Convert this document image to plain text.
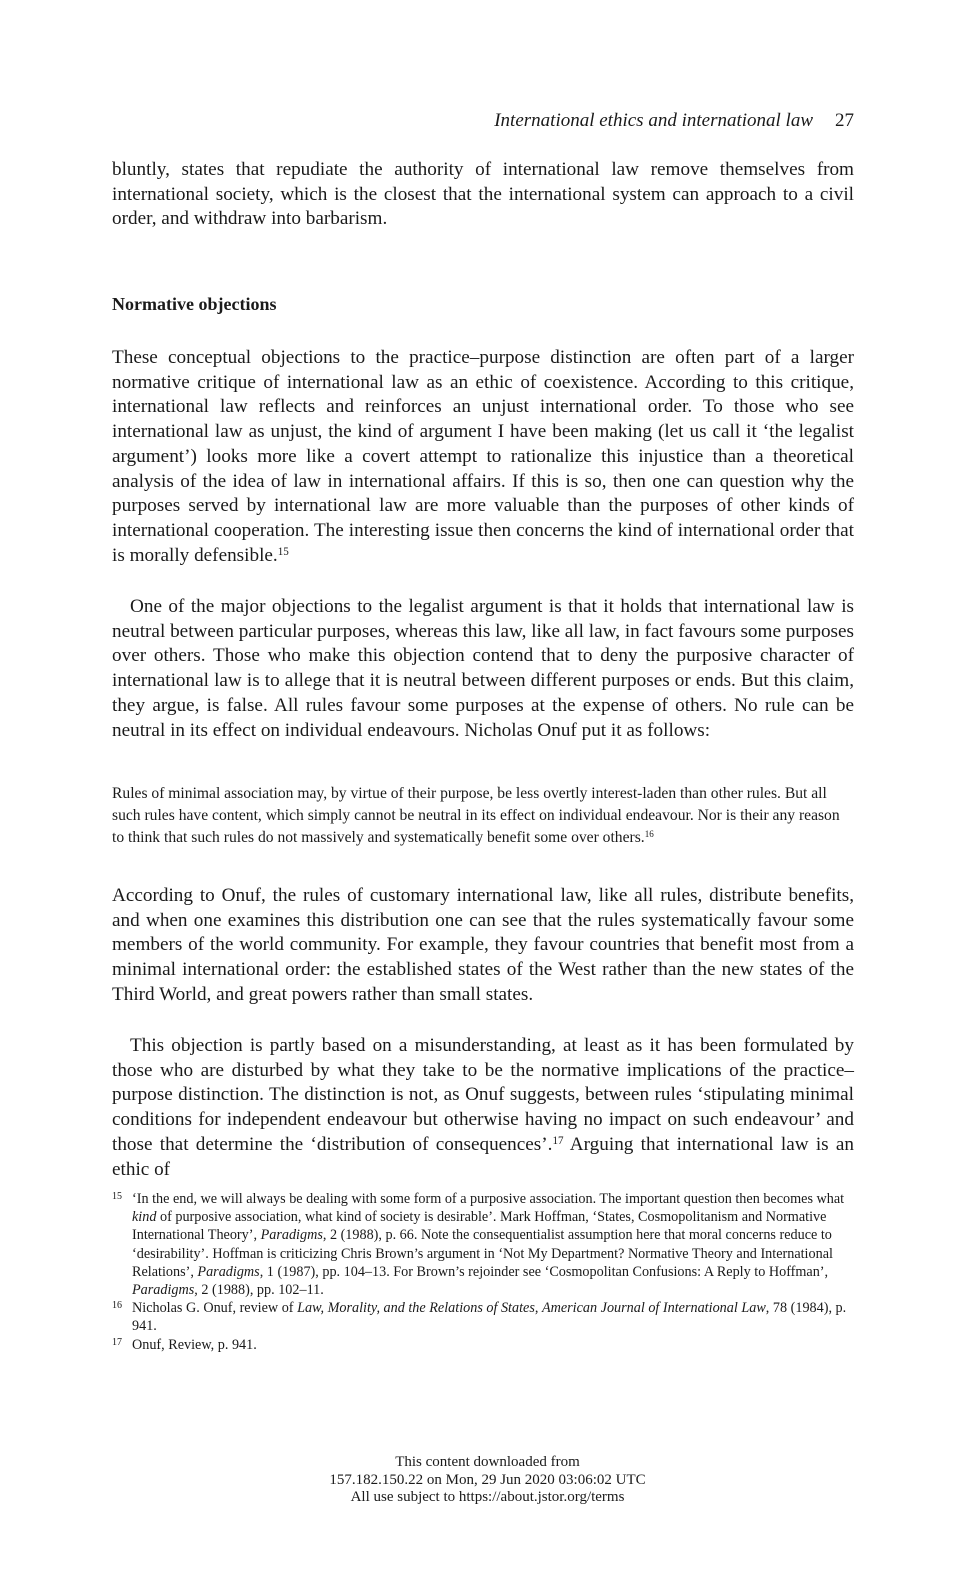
International ethics and international law 27

bluntly, states that repudiate the authority of international law remove themselves from international society, which is the closest that the international system can approach to a civil order, and withdraw into barbarism.

Normative objections

These conceptual objections to the practice–purpose distinction are often part of a larger normative critique of international law as an ethic of coexistence. According to this critique, international law reflects and reinforces an unjust international order. To those who see international law as unjust, the kind of argument I have been making (let us call it ‘the legalist argument’) looks more like a covert attempt to rationalize this injustice than a theoretical analysis of the idea of law in international affairs. If this is so, then one can question why the purposes served by international law are more valuable than the purposes of other kinds of international cooperation. The interesting issue then concerns the kind of international order that is morally defensible.$^{15}$

One of the major objections to the legalist argument is that it holds that international law is neutral between particular purposes, whereas this law, like all law, in fact favours some purposes over others. Those who make this objection contend that to deny the purposive character of international law is to allege that it is neutral between different purposes or ends. But this claim, they argue, is false. All rules favour some purposes at the expense of others. No rule can be neutral in its effect on individual endeavours. Nicholas Onuf put it as follows:

Rules of minimal association may, by virtue of their purpose, be less overtly interest-laden than other rules. But all such rules have content, which simply cannot be neutral in its effect on individual endeavour. Nor is their any reason to think that such rules do not massively and systematically benefit some over others.$^{16}$

According to Onuf, the rules of customary international law, like all rules, distribute benefits, and when one examines this distribution one can see that the rules systematically favour some members of the world community. For example, they favour countries that benefit most from a minimal international order: the established states of the West rather than the new states of the Third World, and great powers rather than small states.

This objection is partly based on a misunderstanding, at least as it has been formulated by those who are disturbed by what they take to be the normative implications of the practice–purpose distinction. The distinction is not, as Onuf suggests, between rules ‘stipulating minimal conditions for independent endeavour but otherwise having no impact on such endeavour’ and those that determine the ‘distribution of consequences’.$^{17}$ Arguing that international law is an ethic of

15 ‘In the end, we will always be dealing with some form of a purposive association. The important question then becomes what kind of purposive association, what kind of society is desirable’. Mark Hoffman, ‘States, Cosmopolitanism and Normative International Theory’, Paradigms, 2 (1988), p. 66. Note the consequentialist assumption here that moral concerns reduce to ‘desirability’. Hoffman is criticizing Chris Brown’s argument in ‘Not My Department? Normative Theory and International Relations’, Paradigms, 1 (1987), pp. 104–13. For Brown’s rejoinder see ‘Cosmopolitan Confusions: A Reply to Hoffman’, Paradigms, 2 (1988), pp. 102–11.

16 Nicholas G. Onuf, review of Law, Morality, and the Relations of States, American Journal of International Law, 78 (1984), p. 941.

17 Onuf, Review, p. 941.

This content downloaded from
157.182.150.22 on Mon, 29 Jun 2020 03:06:02 UTC
All use subject to https://about.jstor.org/terms
